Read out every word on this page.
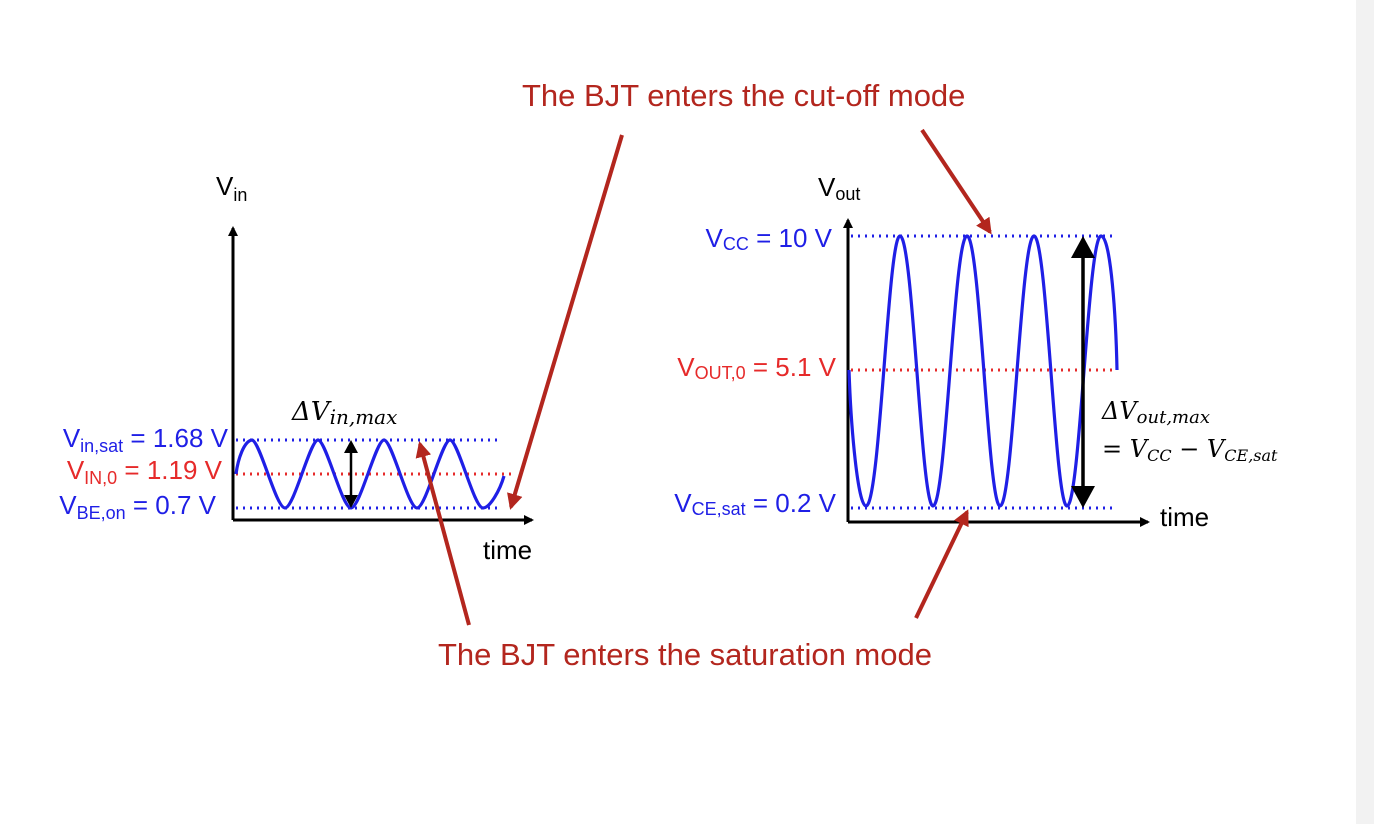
$V_{in}$
time
Vin,sat = 1.68 V
VIN,0 = 1.19 V
VBE,on = 0.7 V
ΔVin,max
Vout
time
VCC = 10 V
VOUT,0 = 5.1 V
VCE,sat = 0.2 V
ΔVout,max
= VCC − VCE,sat
The BJT enters the cut-off mode
The BJT enters the saturation mode
